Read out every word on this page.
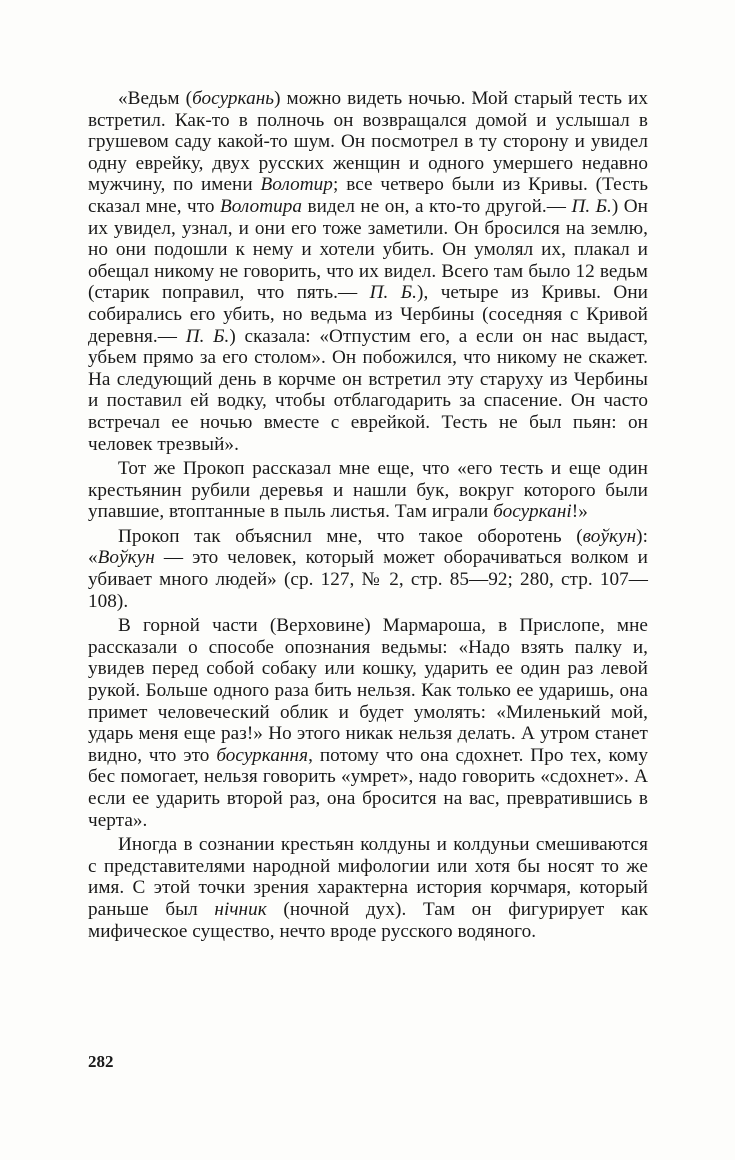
«Ведьм (босуркань) можно видеть ночью. Мой старый тесть их встретил. Как-то в полночь он возвращался домой и услышал в грушевом саду какой-то шум. Он посмотрел в ту сторону и увидел одну еврейку, двух русских женщин и одного умершего недавно мужчину, по имени Волотир; все четверо были из Кривы. (Тесть сказал мне, что Волотира видел не он, а кто-то другой.— П. Б.) Он их увидел, узнал, и они его тоже заметили. Он бросился на землю, но они подошли к нему и хотели убить. Он умолял их, плакал и обещал никому не говорить, что их видел. Всего там было 12 ведьм (старик поправил, что пять.— П. Б.), четыре из Кривы. Они собирались его убить, но ведьма из Чербины (соседняя с Кривой деревня.— П. Б.) сказала: «Отпустим его, а если он нас выдаст, убьем прямо за его столом». Он побожился, что никому не скажет. На следующий день в корчме он встретил эту старуху из Чербины и поставил ей водку, чтобы отблагодарить за спасение. Он часто встречал ее ночью вместе с еврейкой. Тесть не был пьян: он человек трезвый».

Тот же Прокоп рассказал мне еще, что «его тесть и еще один крестьянин рубили деревья и нашли бук, вокруг которого были упавшие, втоптанные в пыль листья. Там играли босуркані!»

Прокоп так объяснил мне, что такое оборотень (воўкун): «Воўкун — это человек, который может оборачиваться волком и убивает много людей» (ср. 127, № 2, стр. 85—92; 280, стр. 107—108).

В горной части (Верховине) Мармароша, в Прислопе, мне рассказали о способе опознания ведьмы: «Надо взять палку и, увидев перед собой собаку или кошку, ударить ее один раз левой рукой. Больше одного раза бить нельзя. Как только ее ударишь, она примет человеческий облик и будет умолять: «Миленький мой, ударь меня еще раз!» Но этого никак нельзя делать. А утром станет видно, что это босуркання, потому что она сдохнет. Про тех, кому бес помогает, нельзя говорить «умрет», надо говорить «сдохнет». А если ее ударить второй раз, она бросится на вас, превратившись в черта».

Иногда в сознании крестьян колдуны и колдуньи смешиваются с представителями народной мифологии или хотя бы носят то же имя. С этой точки зрения характерна история корчмаря, который раньше был нічник (ночной дух). Там он фигурирует как мифическое существо, нечто вроде русского водяного.

282
